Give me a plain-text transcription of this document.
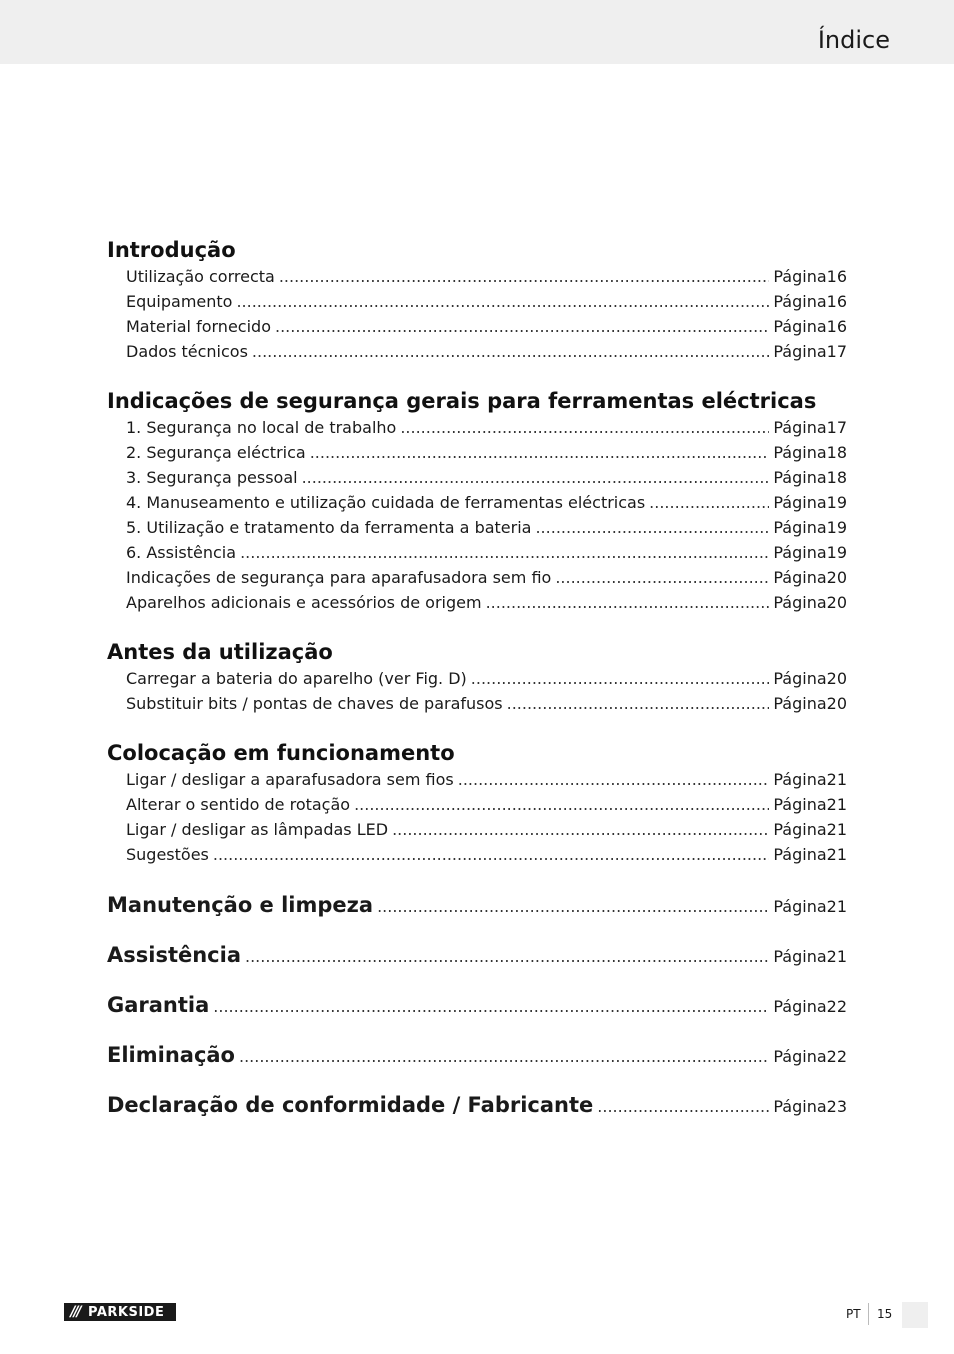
Índice
Introdução
Utilização correcta .....	Página 16
Equipamento .....	Página 16
Material fornecido .....	Página 16
Dados técnicos .....	Página 17
Indicações de segurança gerais para ferramentas eléctricas
1. Segurança no local de trabalho .....	Página 17
2. Segurança eléctrica .....	Página 18
3. Segurança pessoal .....	Página 18
4. Manuseamento e utilização cuidada de ferramentas eléctricas .....	Página 19
5. Utilização e tratamento da ferramenta a bateria .....	Página 19
6. Assistência .....	Página 19
Indicações de segurança para aparafusadora sem fio .....	Página 20
Aparelhos adicionais e acessórios de origem .....	Página 20
Antes da utilização
Carregar a bateria do aparelho (ver Fig. D) .....	Página 20
Substituir bits / pontas de chaves de parafusos .....	Página 20
Colocação em funcionamento
Ligar / desligar a aparafusadora sem fios .....	Página 21
Alterar o sentido de rotação .....	Página 21
Ligar / desligar as lâmpadas LED .....	Página 21
Sugestões .....	Página 21
Manutenção e limpeza .....	Página 21
Assistência .....	Página 21
Garantia .....	Página 22
Eliminação .....	Página 22
Declaração de conformidade / Fabricante .....	Página 23
/// PARKSIDE	PT 15
